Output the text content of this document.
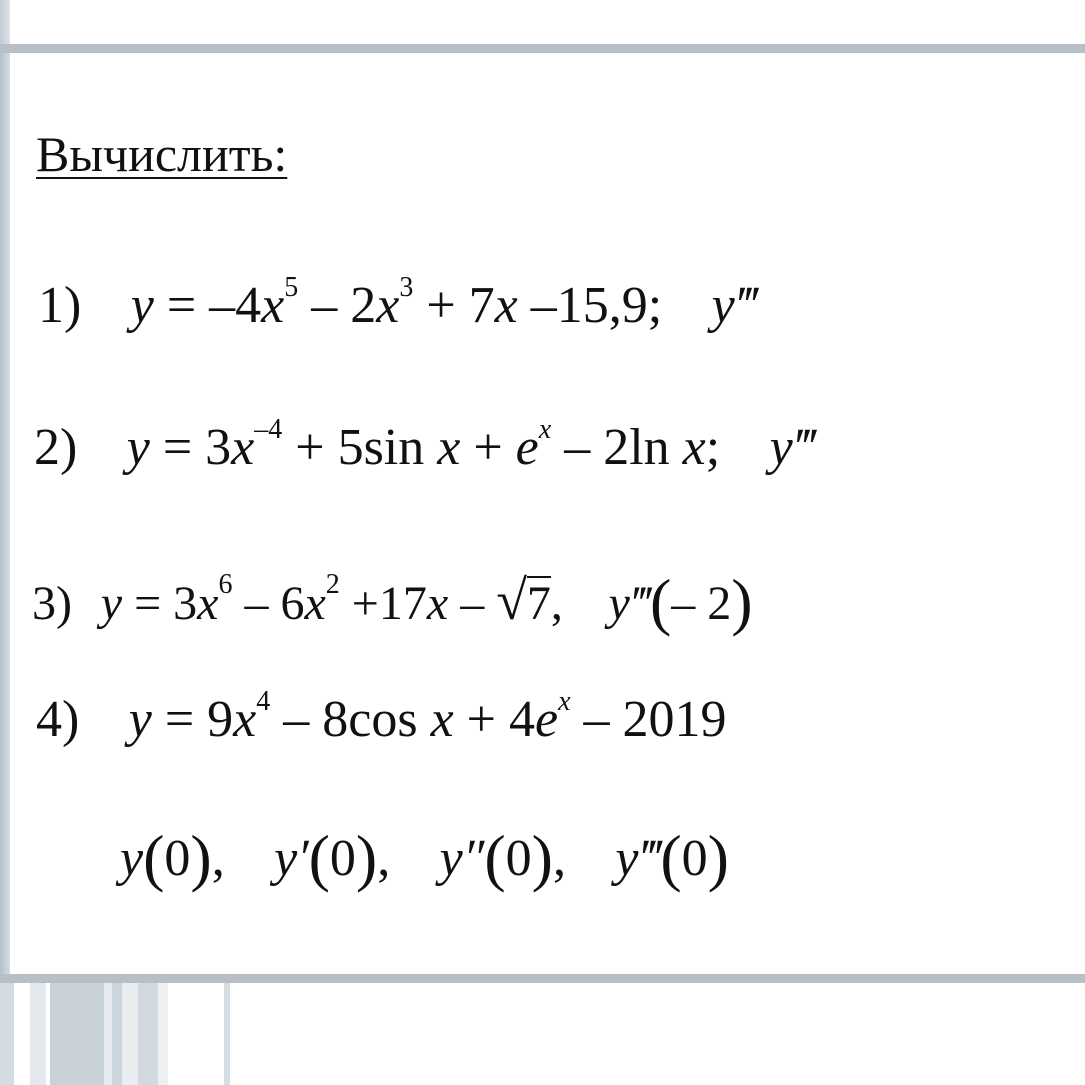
Вычислить:
1) $y = -4x^5 - 2x^3 + 7x$ –15,9; y‴
2) $y = 3x^{-4} + 5\sin$ $x + e^x - 2\ln$ x; y‴
3) $y = 3x^6 - 6x^2 +17x - √7$, y‴(– 2)
4) $y = 9x^4 - 8\cos$ $x + 4e^x - 2019$
y(0), y′(0), y″(0), y‴(0)
